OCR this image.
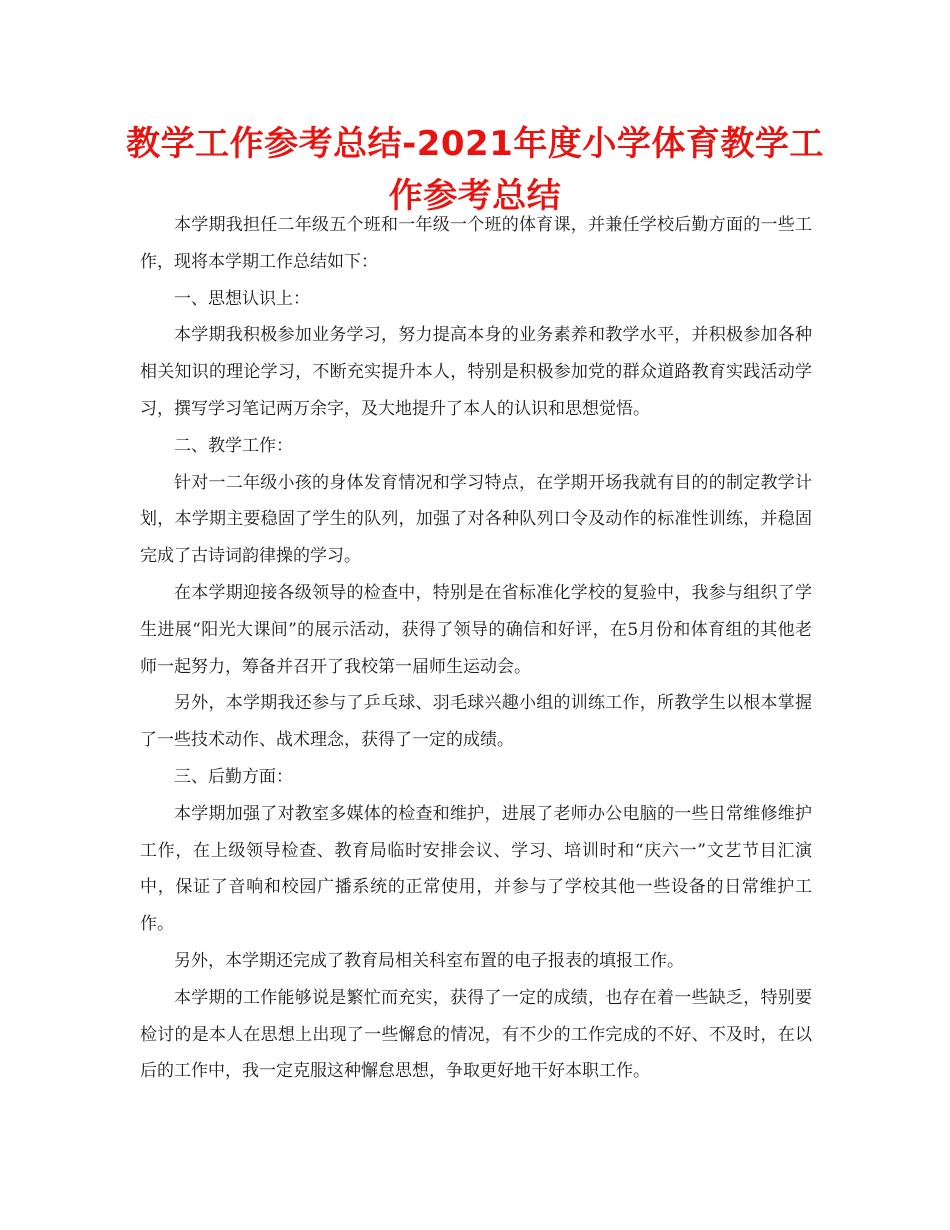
教学工作参考总结-2021年度小学体育教学工作参考总结

本学期我担任二年级五个班和一年级一个班的体育课，并兼任学校后勤方面的一些工作，现将本学期工作总结如下：

一、思想认识上：

本学期我积极参加业务学习，努力提高本身的业务素养和教学水平，并积极参加各种相关知识的理论学习，不断充实提升本人，特别是积极参加党的群众道路教育实践活动学习，撰写学习笔记两万余字，及大地提升了本人的认识和思想觉悟。

二、教学工作：

针对一二年级小孩的身体发育情况和学习特点，在学期开场我就有目的的制定教学计划，本学期主要稳固了学生的队列，加强了对各种队列口令及动作的标准性训练，并稳固完成了古诗词韵律操的学习。

在本学期迎接各级领导的检查中，特别是在省标准化学校的复验中，我参与组织了学生进展“阳光大课间”的展示活动，获得了领导的确信和好评，在5月份和体育组的其他老师一起努力，筹备并召开了我校第一届师生运动会。

另外，本学期我还参与了乒乓球、羽毛球兴趣小组的训练工作，所教学生以根本掌握了一些技术动作、战术理念，获得了一定的成绩。

三、后勤方面：

本学期加强了对教室多媒体的检查和维护，进展了老师办公电脑的一些日常维修维护工作，在上级领导检查、教育局临时安排会议、学习、培训时和“庆六一”文艺节目汇演中，保证了音响和校园广播系统的正常使用，并参与了学校其他一些设备的日常维护工作。

另外，本学期还完成了教育局相关科室布置的电子报表的填报工作。

本学期的工作能够说是繁忙而充实，获得了一定的成绩，也存在着一些缺乏，特别要检讨的是本人在思想上出现了一些懈怠的情况，有不少的工作完成的不好、不及时，在以后的工作中，我一定克服这种懈怠思想，争取更好地干好本职工作。
